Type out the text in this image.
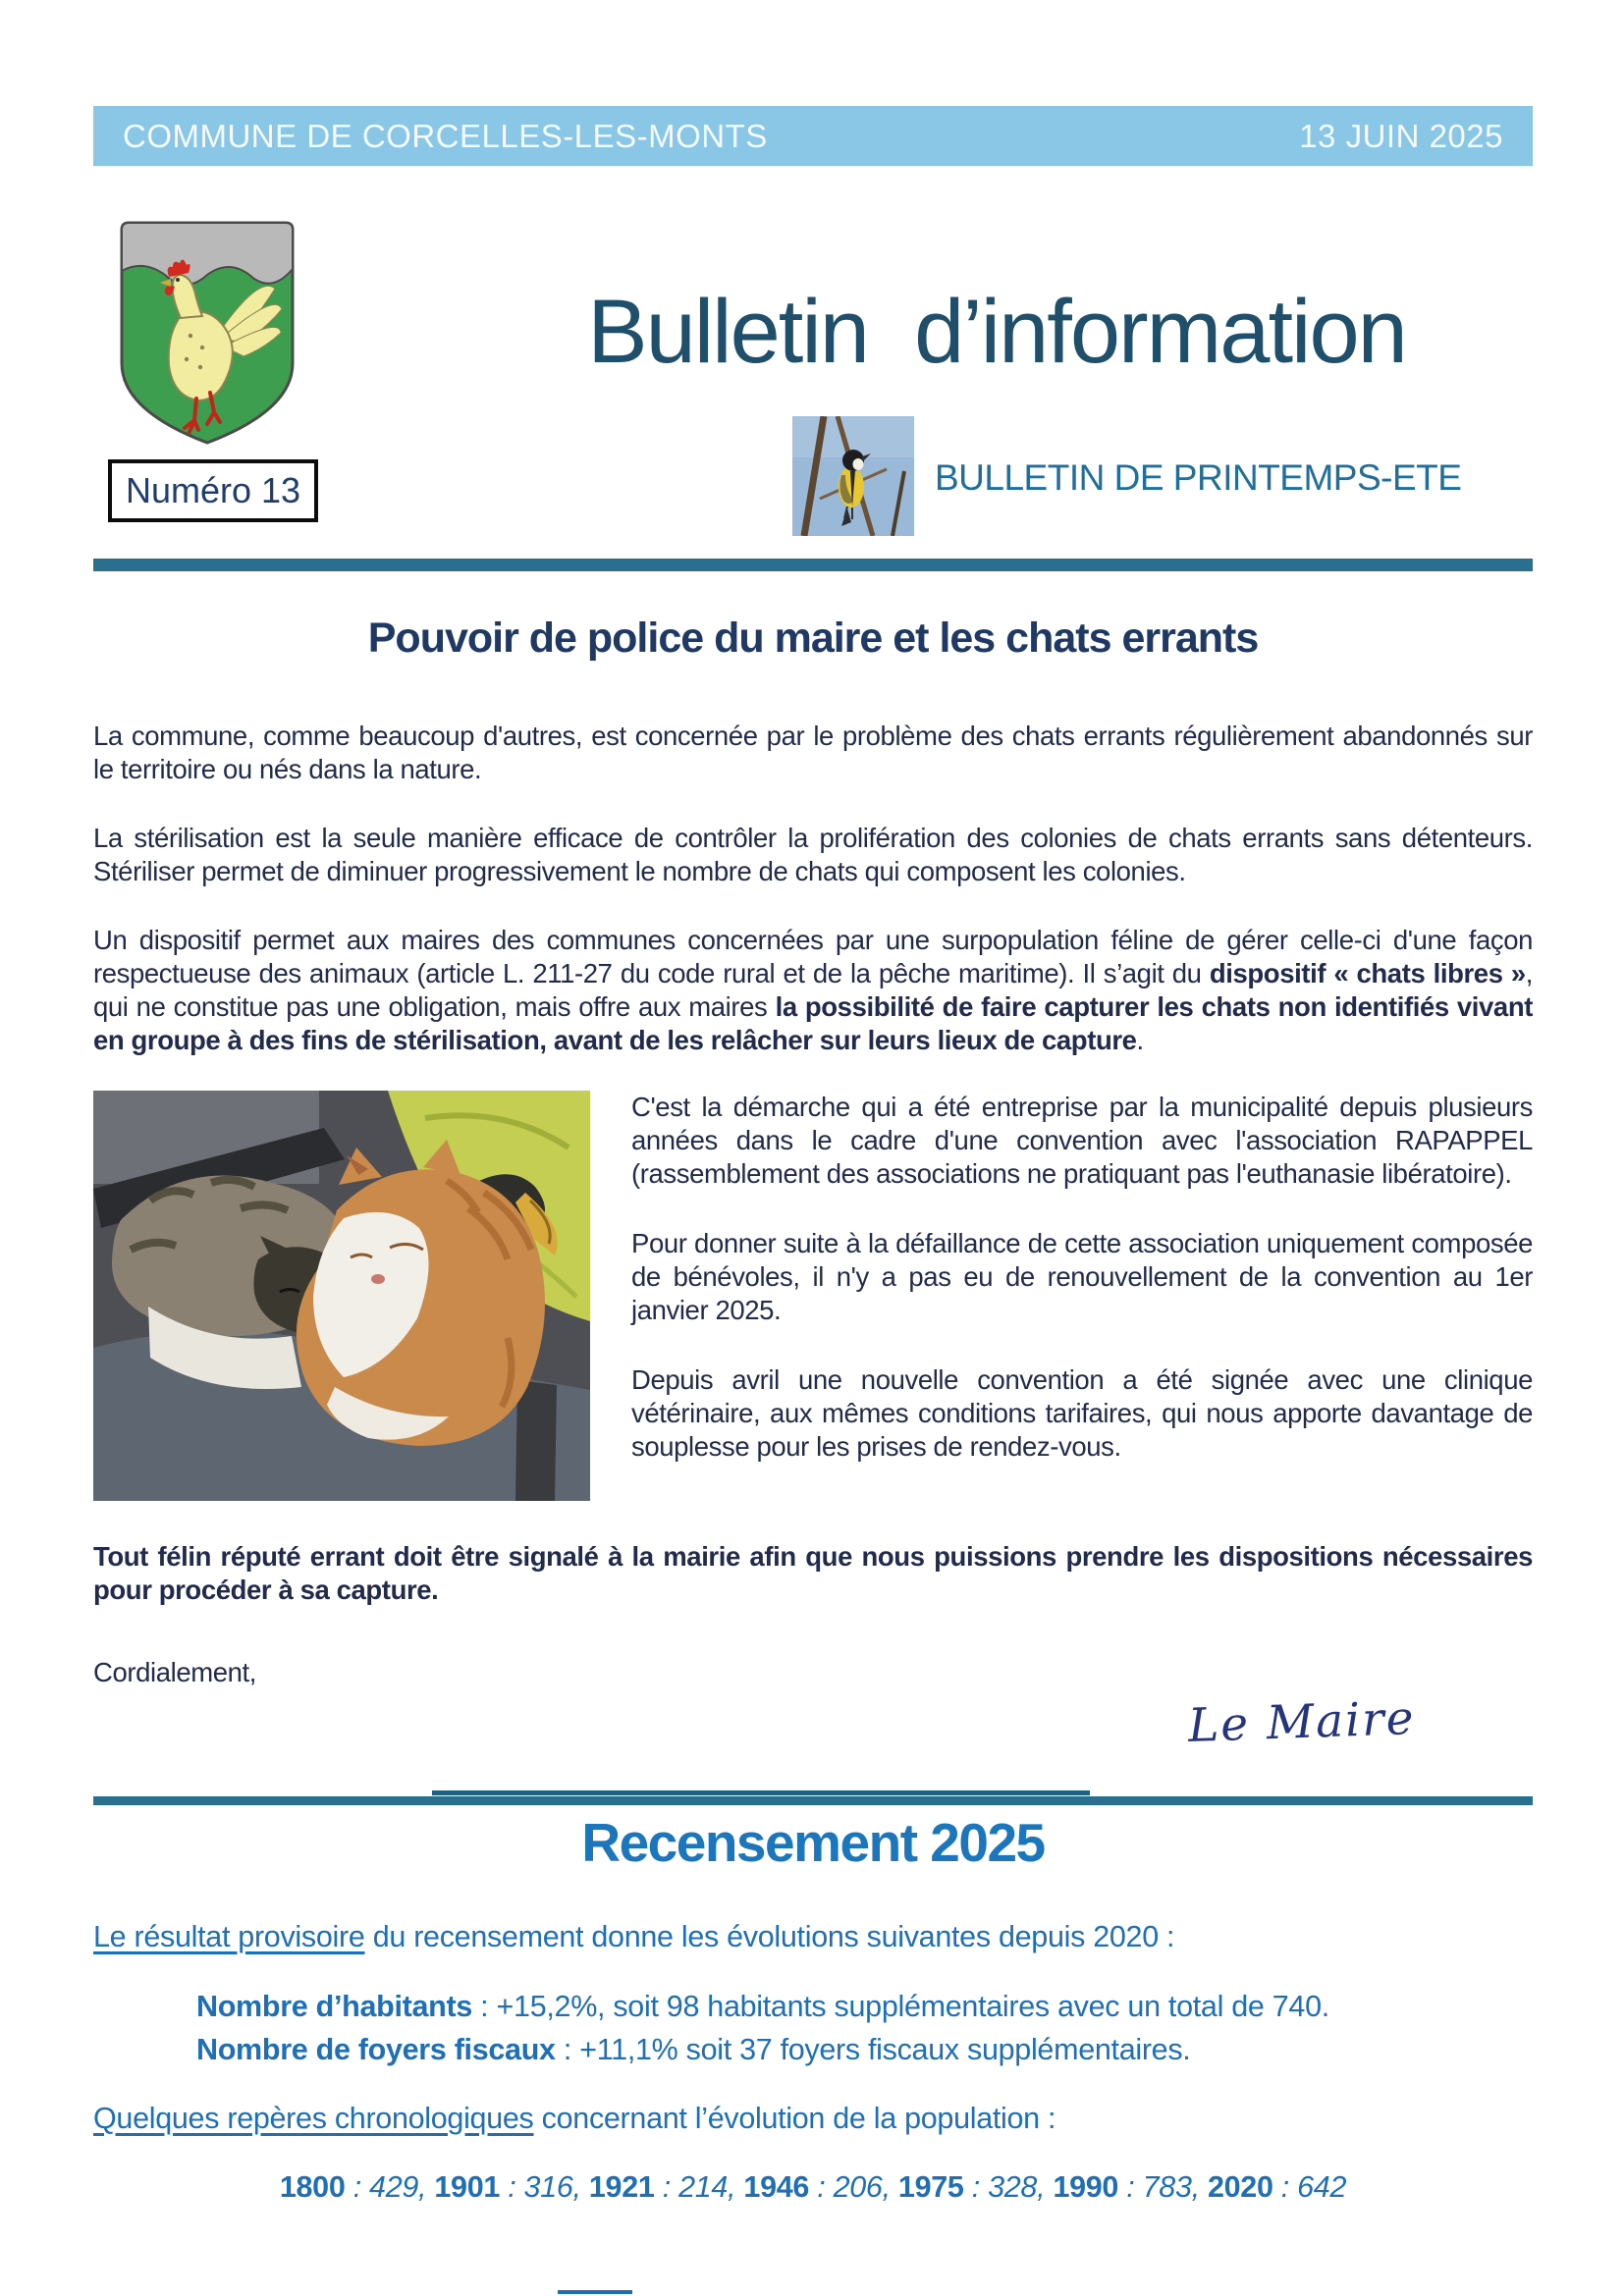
COMMUNE DE CORCELLES-LES-MONTS	13 JUIN 2025
Numéro 13
Bulletin  d’information
BULLETIN DE PRINTEMPS-ETE
Pouvoir de police du maire et les chats errants

La commune, comme beaucoup d'autres, est concernée par le problème des chats errants régulièrement abandonnés sur le territoire ou nés dans la nature.

La stérilisation est la seule manière efficace de contrôler la prolifération des colonies de chats errants sans détenteurs. Stériliser permet de diminuer progressivement le nombre de chats qui composent les colonies.

Un dispositif permet aux maires des communes concernées par une surpopulation féline de gérer celle-ci d'une façon respectueuse des animaux (article L. 211-27 du code rural et de la pêche maritime). Il s’agit du dispositif « chats libres », qui ne constitue pas une obligation, mais offre aux maires la possibilité de faire capturer les chats non identifiés vivant en groupe à des fins de stérilisation, avant de les relâcher sur leurs lieux de capture.

C'est la démarche qui a été entreprise par la municipalité depuis plusieurs années dans le cadre d'une convention avec l'association RAPAPPEL (rassemblement des associations ne pratiquant pas l'euthanasie libératoire).

Pour donner suite à la défaillance de cette association uniquement composée de bénévoles, il n'y a pas eu de renouvellement de la convention au 1er janvier 2025.

Depuis avril une nouvelle convention a été signée avec une clinique vétérinaire, aux mêmes conditions tarifaires, qui nous apporte davantage de souplesse pour les prises de rendez-vous.

Tout félin réputé errant doit être signalé à la mairie afin que nous puissions prendre les dispositions nécessaires pour procéder à sa capture.

Cordialement,

Le Maire
Recensement 2025

Le résultat provisoire du recensement donne les évolutions suivantes depuis 2020 :

Nombre d’habitants : +15,2%, soit 98 habitants supplémentaires avec un total de 740.

Nombre de foyers fiscaux : +11,1% soit 37 foyers fiscaux supplémentaires.

Quelques repères chronologiques concernant l’évolution de la population :

1800 : 429, 1901 : 316, 1921 : 214, 1946 : 206, 1975 : 328, 1990 : 783, 2020 : 642
